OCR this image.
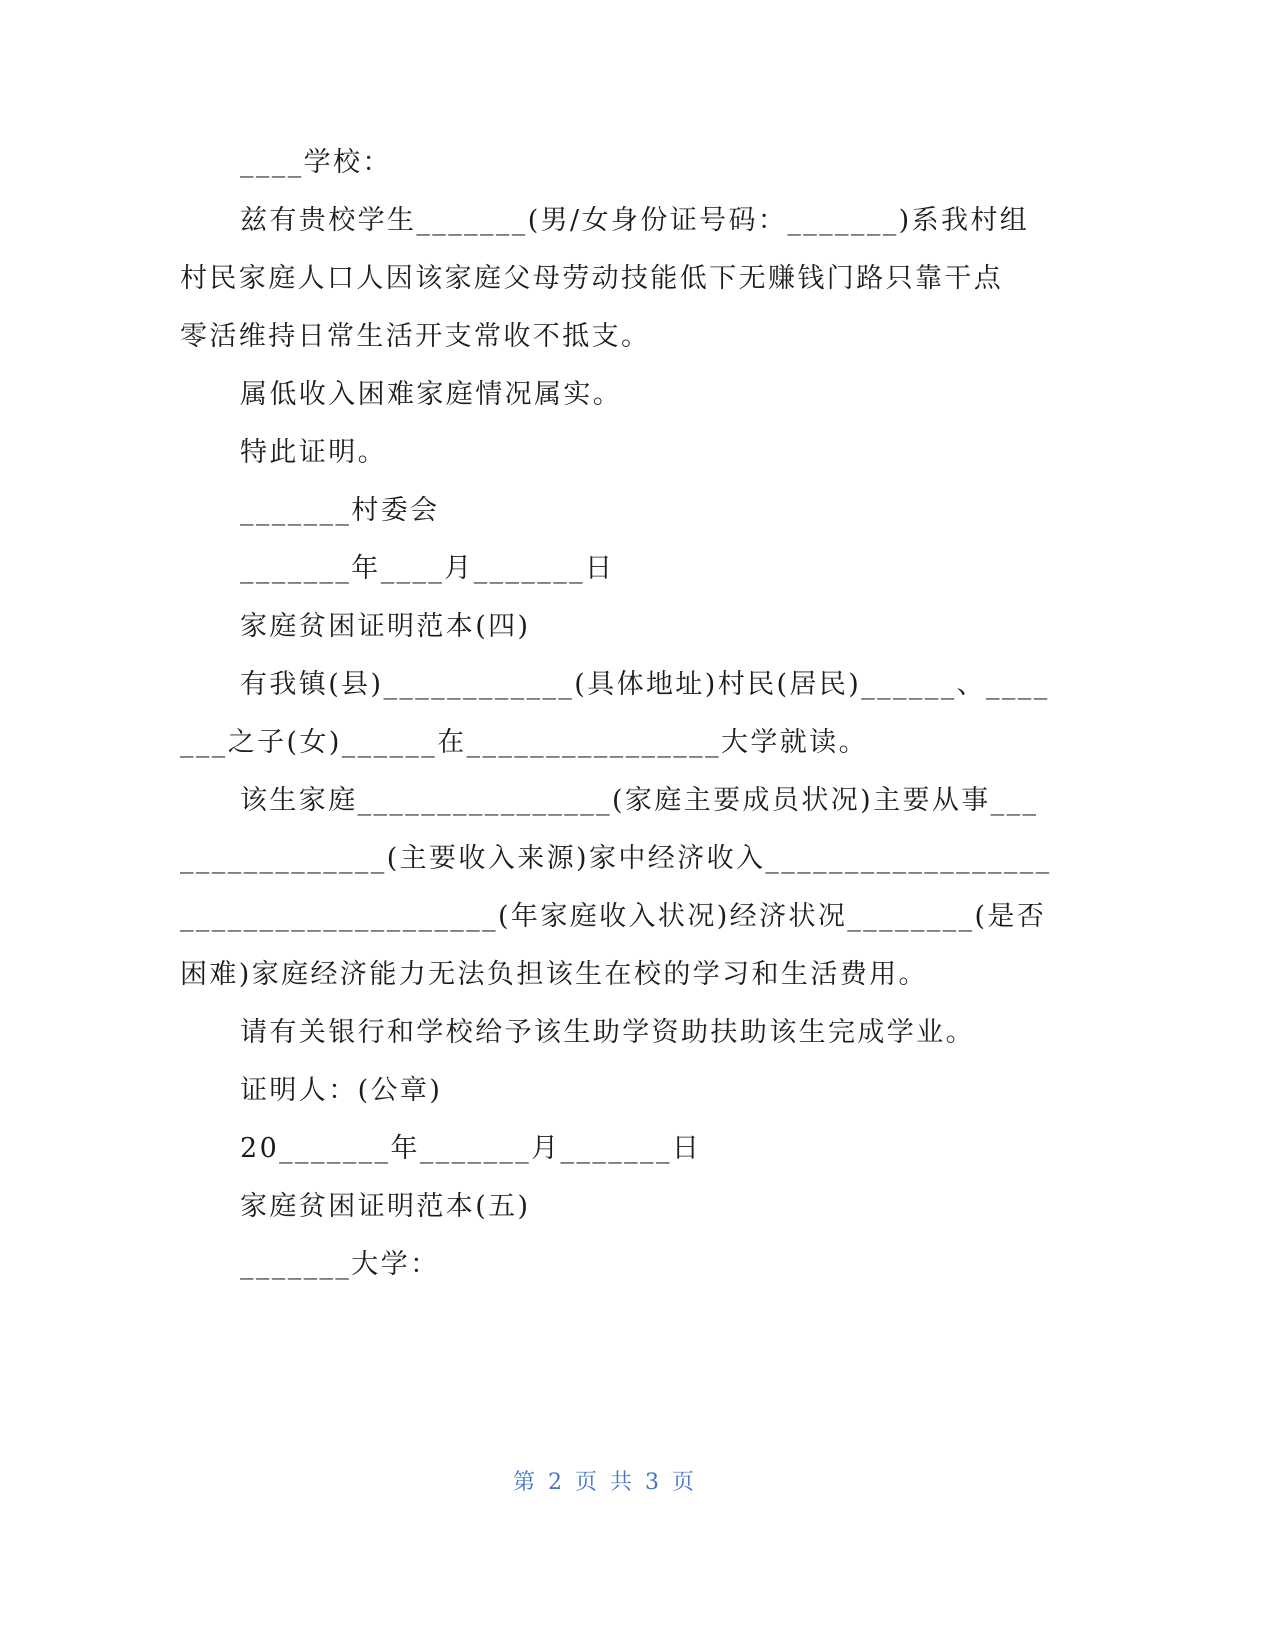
____学校：
兹有贵校学生_______(男/女身份证号码：_______)系我村组
村民家庭人口人因该家庭父母劳动技能低下无赚钱门路只靠干点
零活维持日常生活开支常收不抵支。
属低收入困难家庭情况属实。
特此证明。
_______村委会
_______年____月_______日
家庭贫困证明范本(四)
有我镇(县)____________(具体地址)村民(居民)______、____
___之子(女)______在________________大学就读。
该生家庭________________(家庭主要成员状况)主要从事___
_____________(主要收入来源)家中经济收入__________________
____________________(年家庭收入状况)经济状况________(是否
困难)家庭经济能力无法负担该生在校的学习和生活费用。
请有关银行和学校给予该生助学资助扶助该生完成学业。
证明人：(公章)
20_______年_______月_______日
家庭贫困证明范本(五)
_______大学：
第 2 页 共 3 页
